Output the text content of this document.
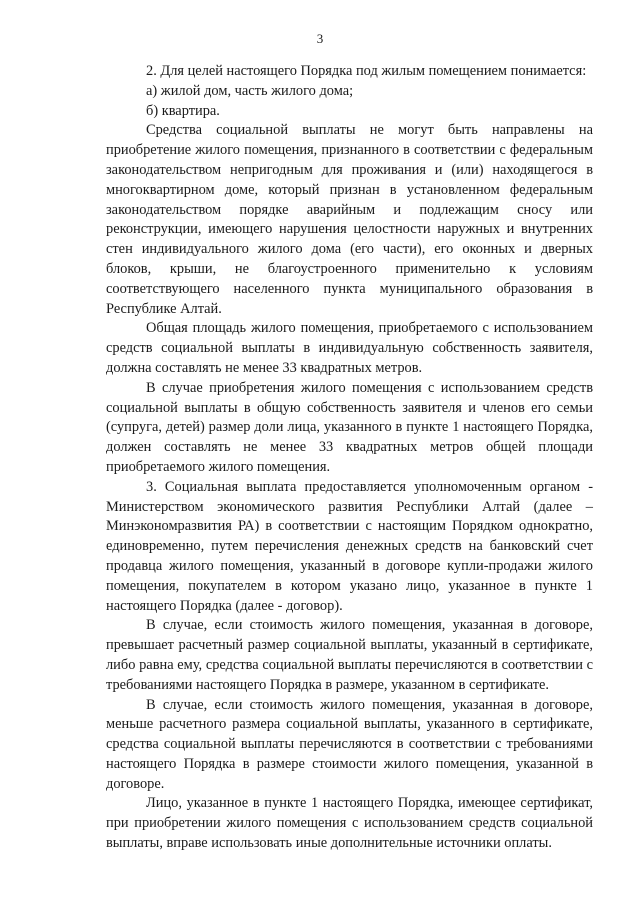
3

2. Для целей настоящего Порядка под жилым помещением понимается:

а) жилой дом, часть жилого дома;

б) квартира.

Средства социальной выплаты не могут быть направлены на приобретение жилого помещения, признанного в соответствии с федеральным законодательством непригодным для проживания и (или) находящегося в многоквартирном доме, который признан в установленном федеральным законодательством порядке аварийным и подлежащим сносу или реконструкции, имеющего нарушения целостности наружных и внутренних стен индивидуального жилого дома (его части), его оконных и дверных блоков, крыши, не благоустроенного применительно к условиям соответствующего населенного пункта муниципального образования в Республике Алтай.

Общая площадь жилого помещения, приобретаемого с использованием средств социальной выплаты в индивидуальную собственность заявителя, должна составлять не менее 33 квадратных метров.

В случае приобретения жилого помещения с использованием средств социальной выплаты в общую собственность заявителя и членов его семьи (супруга, детей) размер доли лица, указанного в пункте 1 настоящего Порядка, должен составлять не менее 33 квадратных метров общей площади приобретаемого жилого помещения.

3. Социальная выплата предоставляется уполномоченным органом - Министерством экономического развития Республики Алтай (далее – Минэкономразвития РА) в соответствии с настоящим Порядком однократно, единовременно, путем перечисления денежных средств на банковский счет продавца жилого помещения, указанный в договоре купли-продажи жилого помещения, покупателем в котором указано лицо, указанное в пункте 1 настоящего Порядка (далее - договор).

В случае, если стоимость жилого помещения, указанная в договоре, превышает расчетный размер социальной выплаты, указанный в сертификате, либо равна ему, средства социальной выплаты перечисляются в соответствии с требованиями настоящего Порядка в размере, указанном в сертификате.

В случае, если стоимость жилого помещения, указанная в договоре, меньше расчетного размера социальной выплаты, указанного в сертификате, средства социальной выплаты перечисляются в соответствии с требованиями настоящего Порядка в размере стоимости жилого помещения, указанной в договоре.

Лицо, указанное в пункте 1 настоящего Порядка, имеющее сертификат, при приобретении жилого помещения с использованием средств социальной выплаты, вправе использовать иные дополнительные источники оплаты.
